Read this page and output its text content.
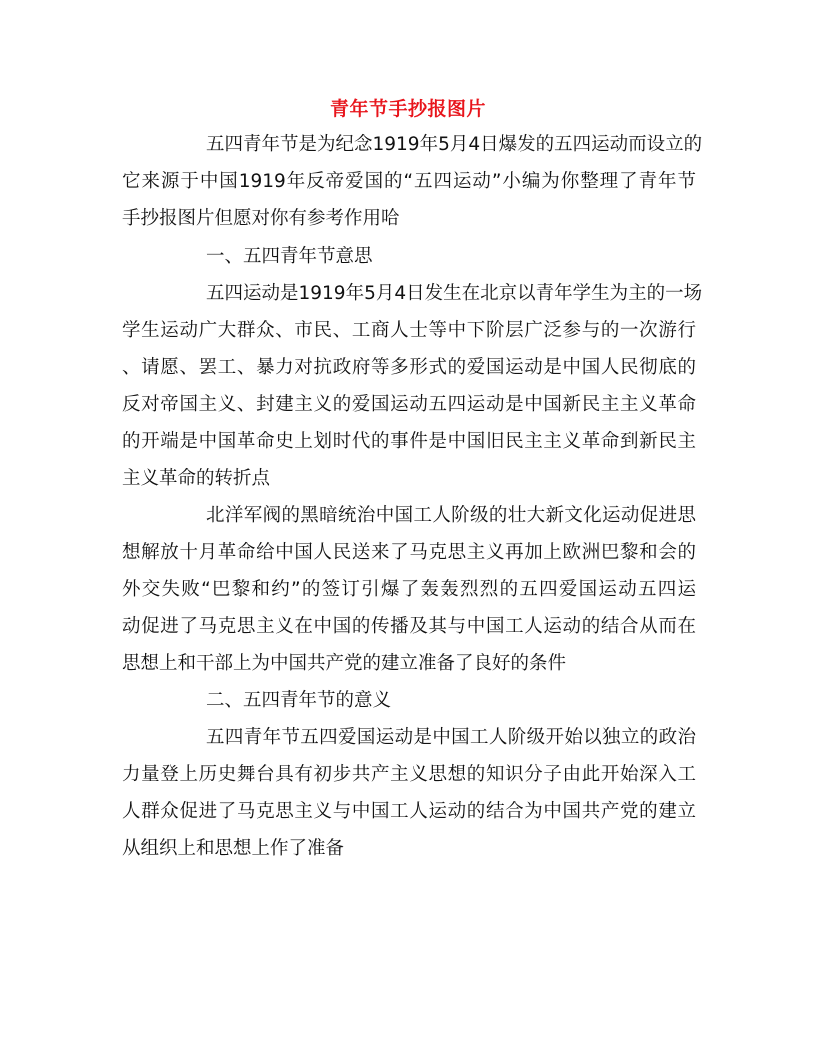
青年节手抄报图片
五四青年节是为纪念1919年5月4日爆发的五四运动而设立的
它来源于中国1919年反帝爱国的“五四运动”小编为你整理了青年节
手抄报图片但愿对你有参考作用哈
一、五四青年节意思
五四运动是1919年5月4日发生在北京以青年学生为主的一场
学生运动广大群众、市民、工商人士等中下阶层广泛参与的一次游行
、请愿、罢工、暴力对抗政府等多形式的爱国运动是中国人民彻底的
反对帝国主义、封建主义的爱国运动五四运动是中国新民主主义革命
的开端是中国革命史上划时代的事件是中国旧民主主义革命到新民主
主义革命的转折点
北洋军阀的黑暗统治中国工人阶级的壮大新文化运动促进思
想解放十月革命给中国人民送来了马克思主义再加上欧洲巴黎和会的
外交失败“巴黎和约”的签订引爆了轰轰烈烈的五四爱国运动五四运
动促进了马克思主义在中国的传播及其与中国工人运动的结合从而在
思想上和干部上为中国共产党的建立准备了良好的条件
二、五四青年节的意义
五四青年节五四爱国运动是中国工人阶级开始以独立的政治
力量登上历史舞台具有初步共产主义思想的知识分子由此开始深入工
人群众促进了马克思主义与中国工人运动的结合为中国共产党的建立
从组织上和思想上作了准备
